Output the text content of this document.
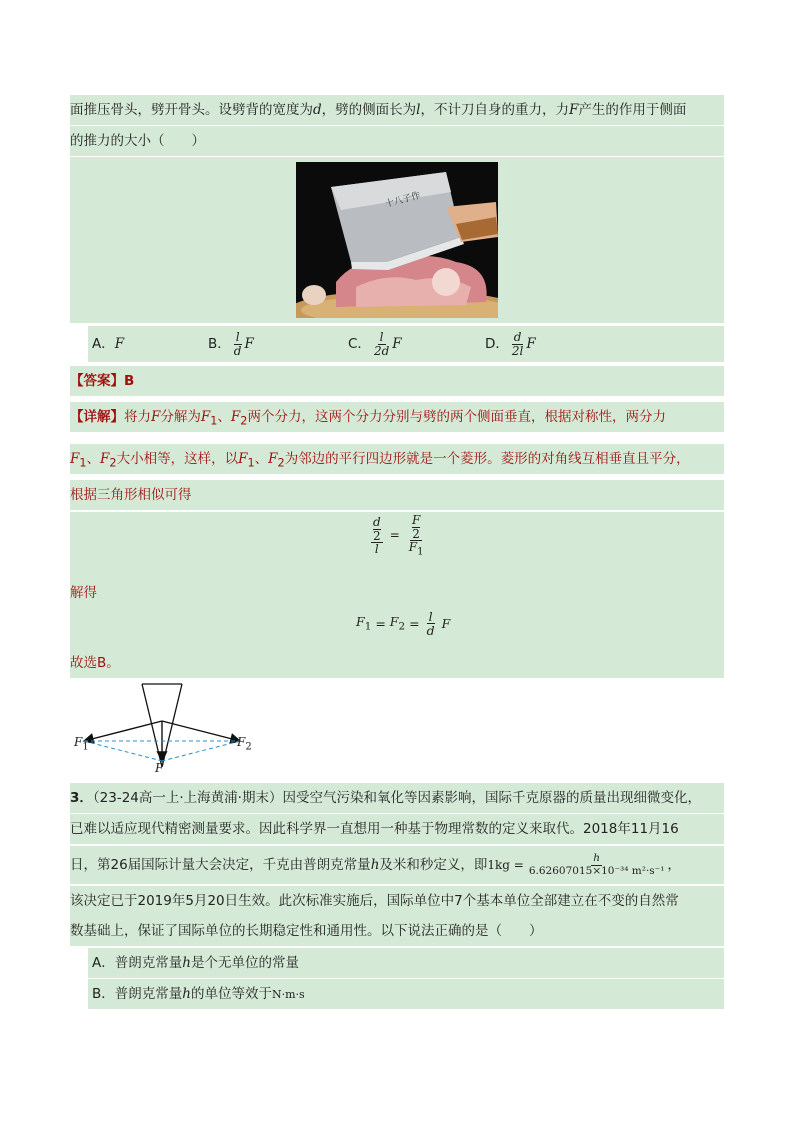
面推压骨头，劈开骨头。设劈背的宽度为d，劈的侧面长为l，不计刀自身的重力，力F产生的作用于侧面
的推力的大小（　　）
十八子作
A．F	B． $\frac{l}{d}$ F	C． $\frac{l}{2d}$ F	D． $\frac{d}{2l}$ F
【答案】B
【详解】将力F分解为$F_1$、$F_2$两个分力，这两个分力分别与劈的两个侧面垂直，根据对称性，两分力
$F_1$、$F_2$大小相等，这样，以$F_1$、$F_2$为邻边的平行四边形就是一个菱形。菱形的对角线互相垂直且平分，
根据三角形相似可得
d
2
l = F
2
$F_1$
解得
$F_1 = F_2 = \frac{l}{d}$ F
故选B。
$F_1$	$F_2$
F
3．（23-24高一上·上海黄浦·期末）因受空气污染和氧化等因素影响，国际千克原器的质量出现细微变化，
已难以适应现代精密测量要求。因此科学界一直想用一种基于物理常数的定义来取代。2018年11月16
日，第26届国际计量大会决定，千克由普朗克常量h及米和秒定义，即$1kg = \frac{h}{\text{6.62607015×10⁻³⁴ m²·s⁻¹}}$ ，
该决定已于2019年5月20日生效。此次标准实施后，国际单位中7个基本单位全部建立在不变的自然常
数基础上，保证了国际单位的长期稳定性和通用性。以下说法正确的是（　　）
A．普朗克常量h是个无单位的常量
B．普朗克常量h的单位等效于N·m·s
